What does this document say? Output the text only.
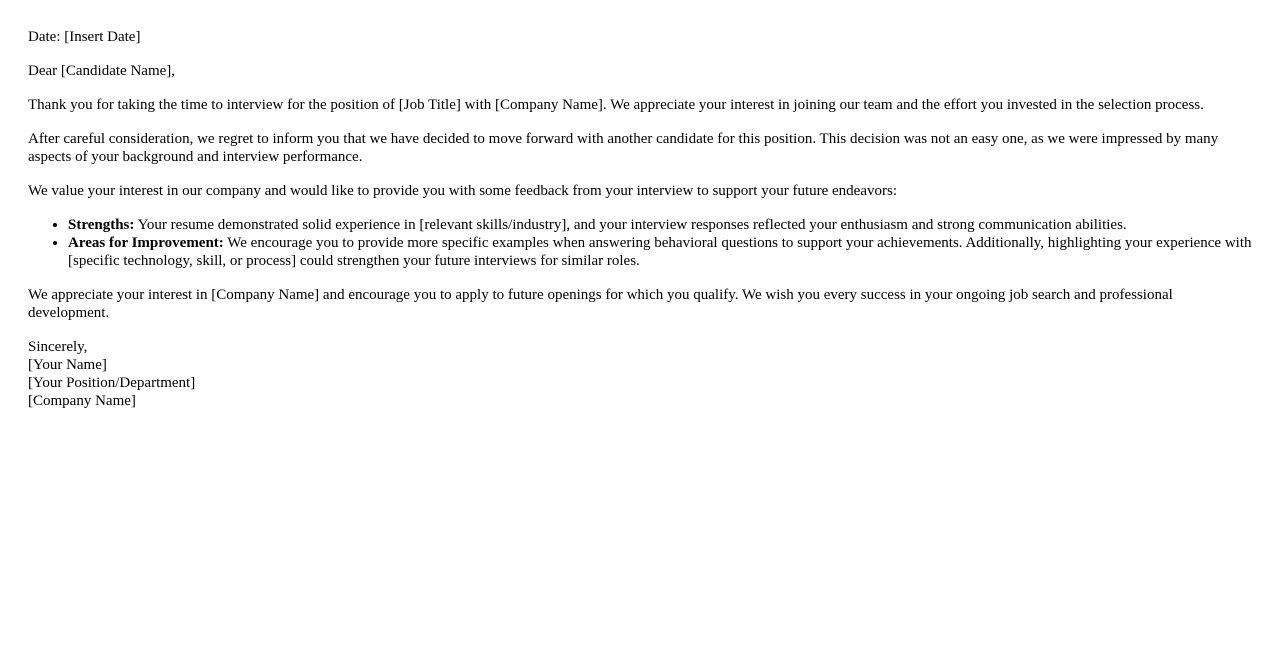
Date: [Insert Date]

Dear [Candidate Name],

Thank you for taking the time to interview for the position of [Job Title] with [Company Name]. We appreciate your interest in joining our team and the effort you invested in the selection process.

After careful consideration, we regret to inform you that we have decided to move forward with another candidate for this position. This decision was not an easy one, as we were impressed by many aspects of your background and interview performance.

We value your interest in our company and would like to provide you with some feedback from your interview to support your future endeavors:

• Strengths: Your resume demonstrated solid experience in [relevant skills/industry], and your interview responses reflected your enthusiasm and strong communication abilities.
• Areas for Improvement: We encourage you to provide more specific examples when answering behavioral questions to support your achievements. Additionally, highlighting your experience with [specific technology, skill, or process] could strengthen your future interviews for similar roles.

We appreciate your interest in [Company Name] and encourage you to apply to future openings for which you qualify. We wish you every success in your ongoing job search and professional development.

Sincerely,
[Your Name]
[Your Position/Department]
[Company Name]
